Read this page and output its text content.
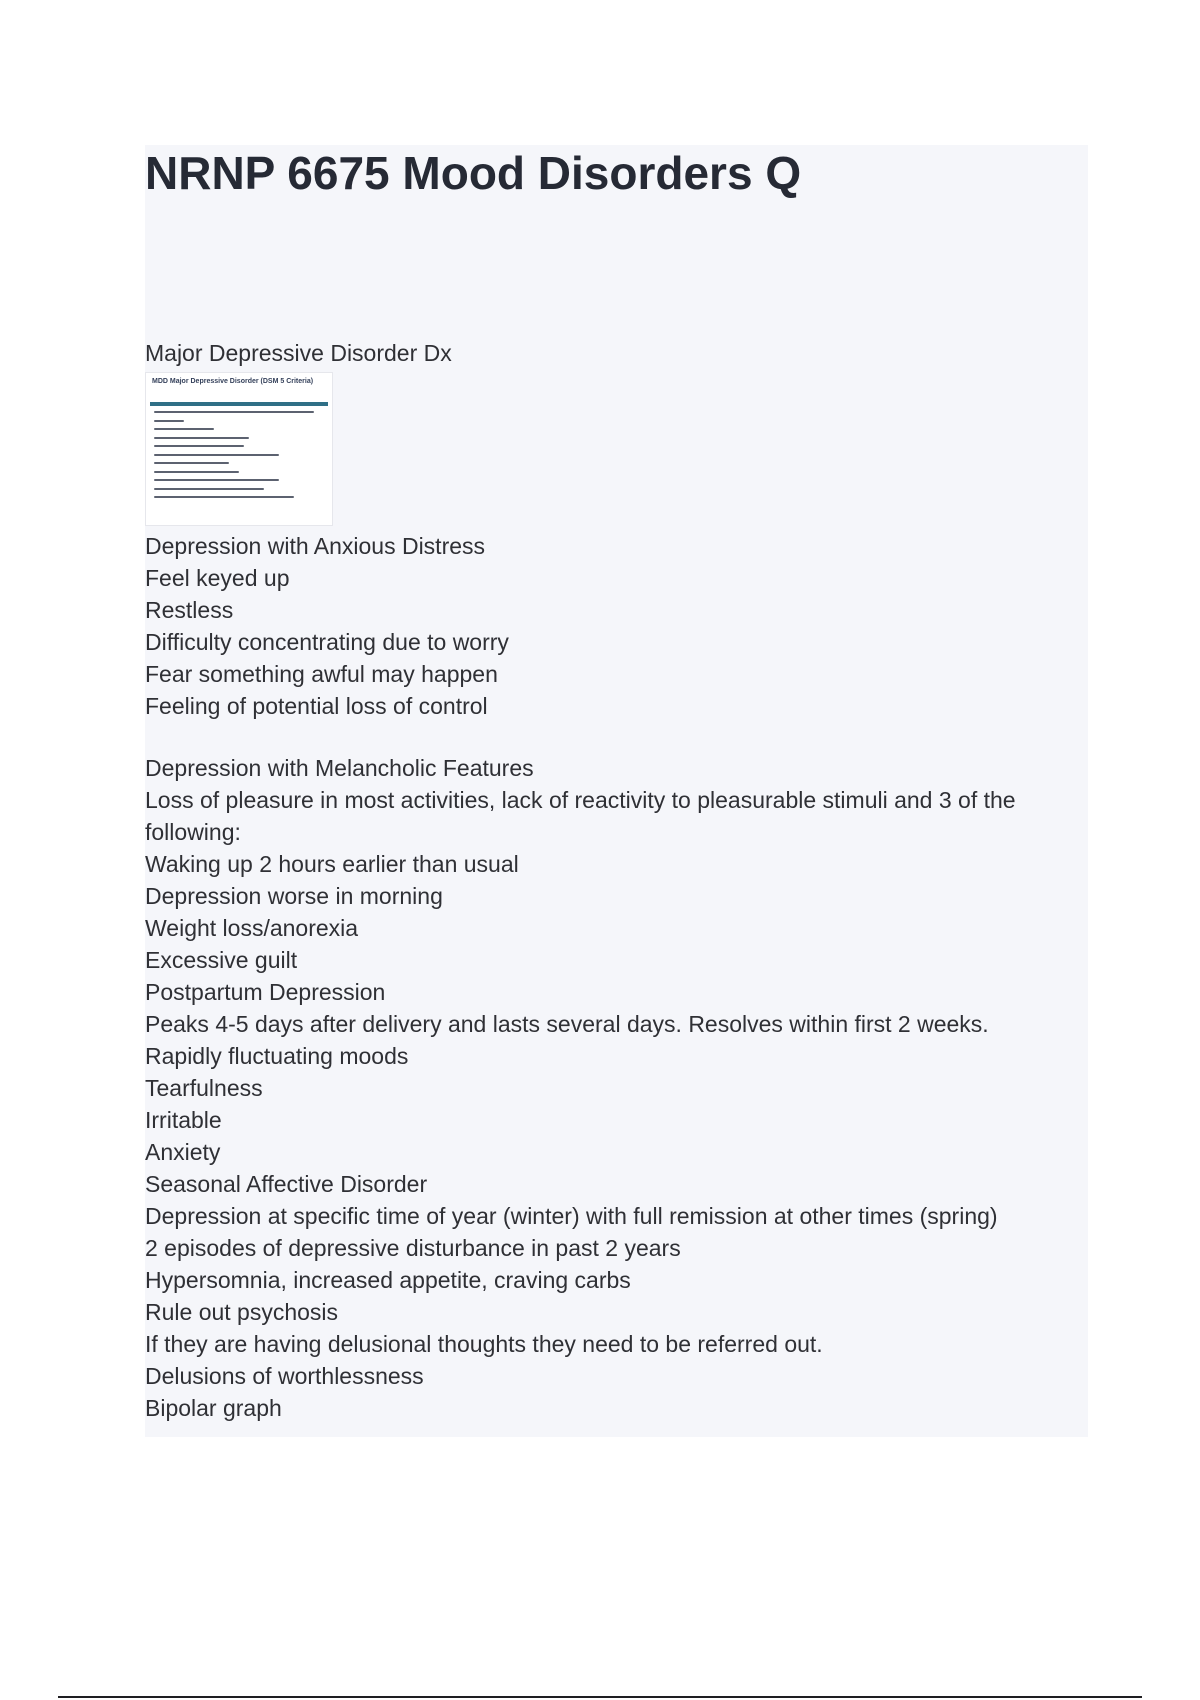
NRNP 6675 Mood Disorders Q
Major Depressive Disorder Dx
MDD Major Depressive Disorder (DSM 5 Criteria)
Depression with Anxious Distress
Feel keyed up
Restless
Difficulty concentrating due to worry
Fear something awful may happen
Feeling of potential loss of control
Depression with Melancholic Features
Loss of pleasure in most activities, lack of reactivity to pleasurable stimuli and 3 of the following:
Waking up 2 hours earlier than usual
Depression worse in morning
Weight loss/anorexia
Excessive guilt
Postpartum Depression
Peaks 4-5 days after delivery and lasts several days. Resolves within first 2 weeks.
Rapidly fluctuating moods
Tearfulness
Irritable
Anxiety
Seasonal Affective Disorder
Depression at specific time of year (winter) with full remission at other times (spring)
2 episodes of depressive disturbance in past 2 years
Hypersomnia, increased appetite, craving carbs
Rule out psychosis
If they are having delusional thoughts they need to be referred out.
Delusions of worthlessness
Bipolar graph
